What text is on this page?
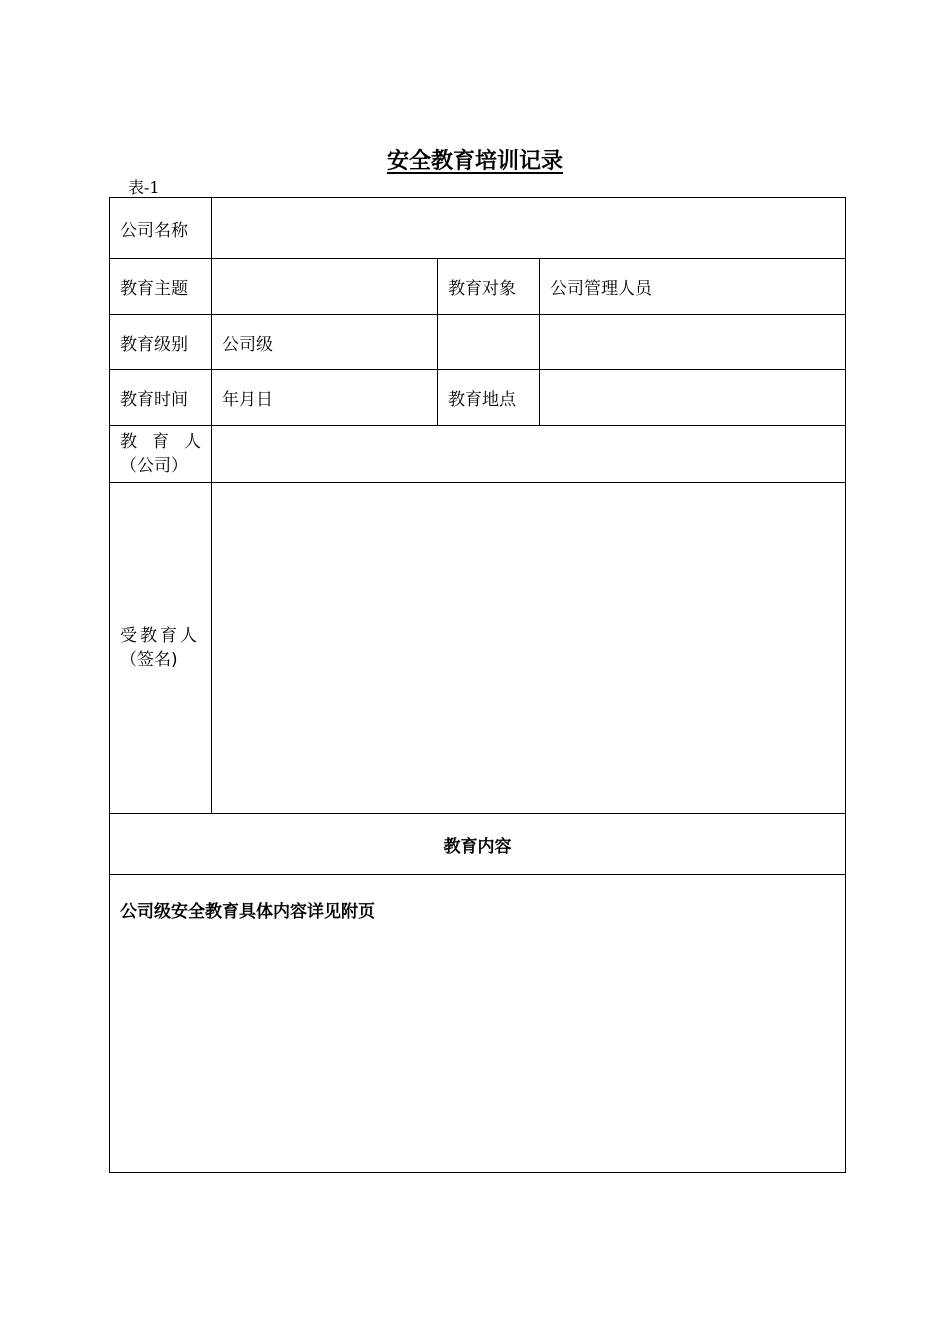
安全教育培训记录
表-1
公司名称			
教育主题		教育对象	公司管理人员
教育级别	公司级		
教育时间	年月日	教育地点	

教 育 人
（公司）			

受教育人
（签名)			

教育内容			
公司级安全教育具体内容详见附页			
